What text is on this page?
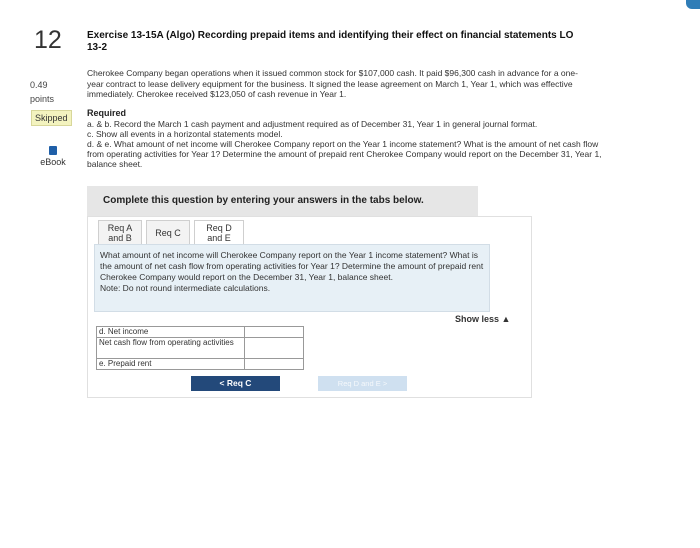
12
0.49
points
Skipped
eBook
Exercise 13-15A (Algo) Recording prepaid items and identifying their effect on financial statements LO 13-2
Cherokee Company began operations when it issued common stock for $107,000 cash. It paid $96,300 cash in advance for a one-year contract to lease delivery equipment for the business. It signed the lease agreement on March 1, Year 1, which was effective immediately. Cherokee received $123,050 of cash revenue in Year 1.
Required
a. & b. Record the March 1 cash payment and adjustment required as of December 31, Year 1 in general journal format.
c. Show all events in a horizontal statements model.
d. & e. What amount of net income will Cherokee Company report on the Year 1 income statement? What is the amount of net cash flow from operating activities for Year 1? Determine the amount of prepaid rent Cherokee Company would report on the December 31, Year 1, balance sheet.
Complete this question by entering your answers in the tabs below.
Req A
and B	Req C	Req D
and E
What amount of net income will Cherokee Company report on the Year 1 income statement? What is the amount of net cash flow from operating activities for Year 1? Determine the amount of prepaid rent Cherokee Company would report on the December 31, Year 1, balance sheet.
Note: Do not round intermediate calculations.
Show less ▲
d. Net income	
Net cash flow from operating activities	
e. Prepaid rent	
< Req C	Req D and E >
